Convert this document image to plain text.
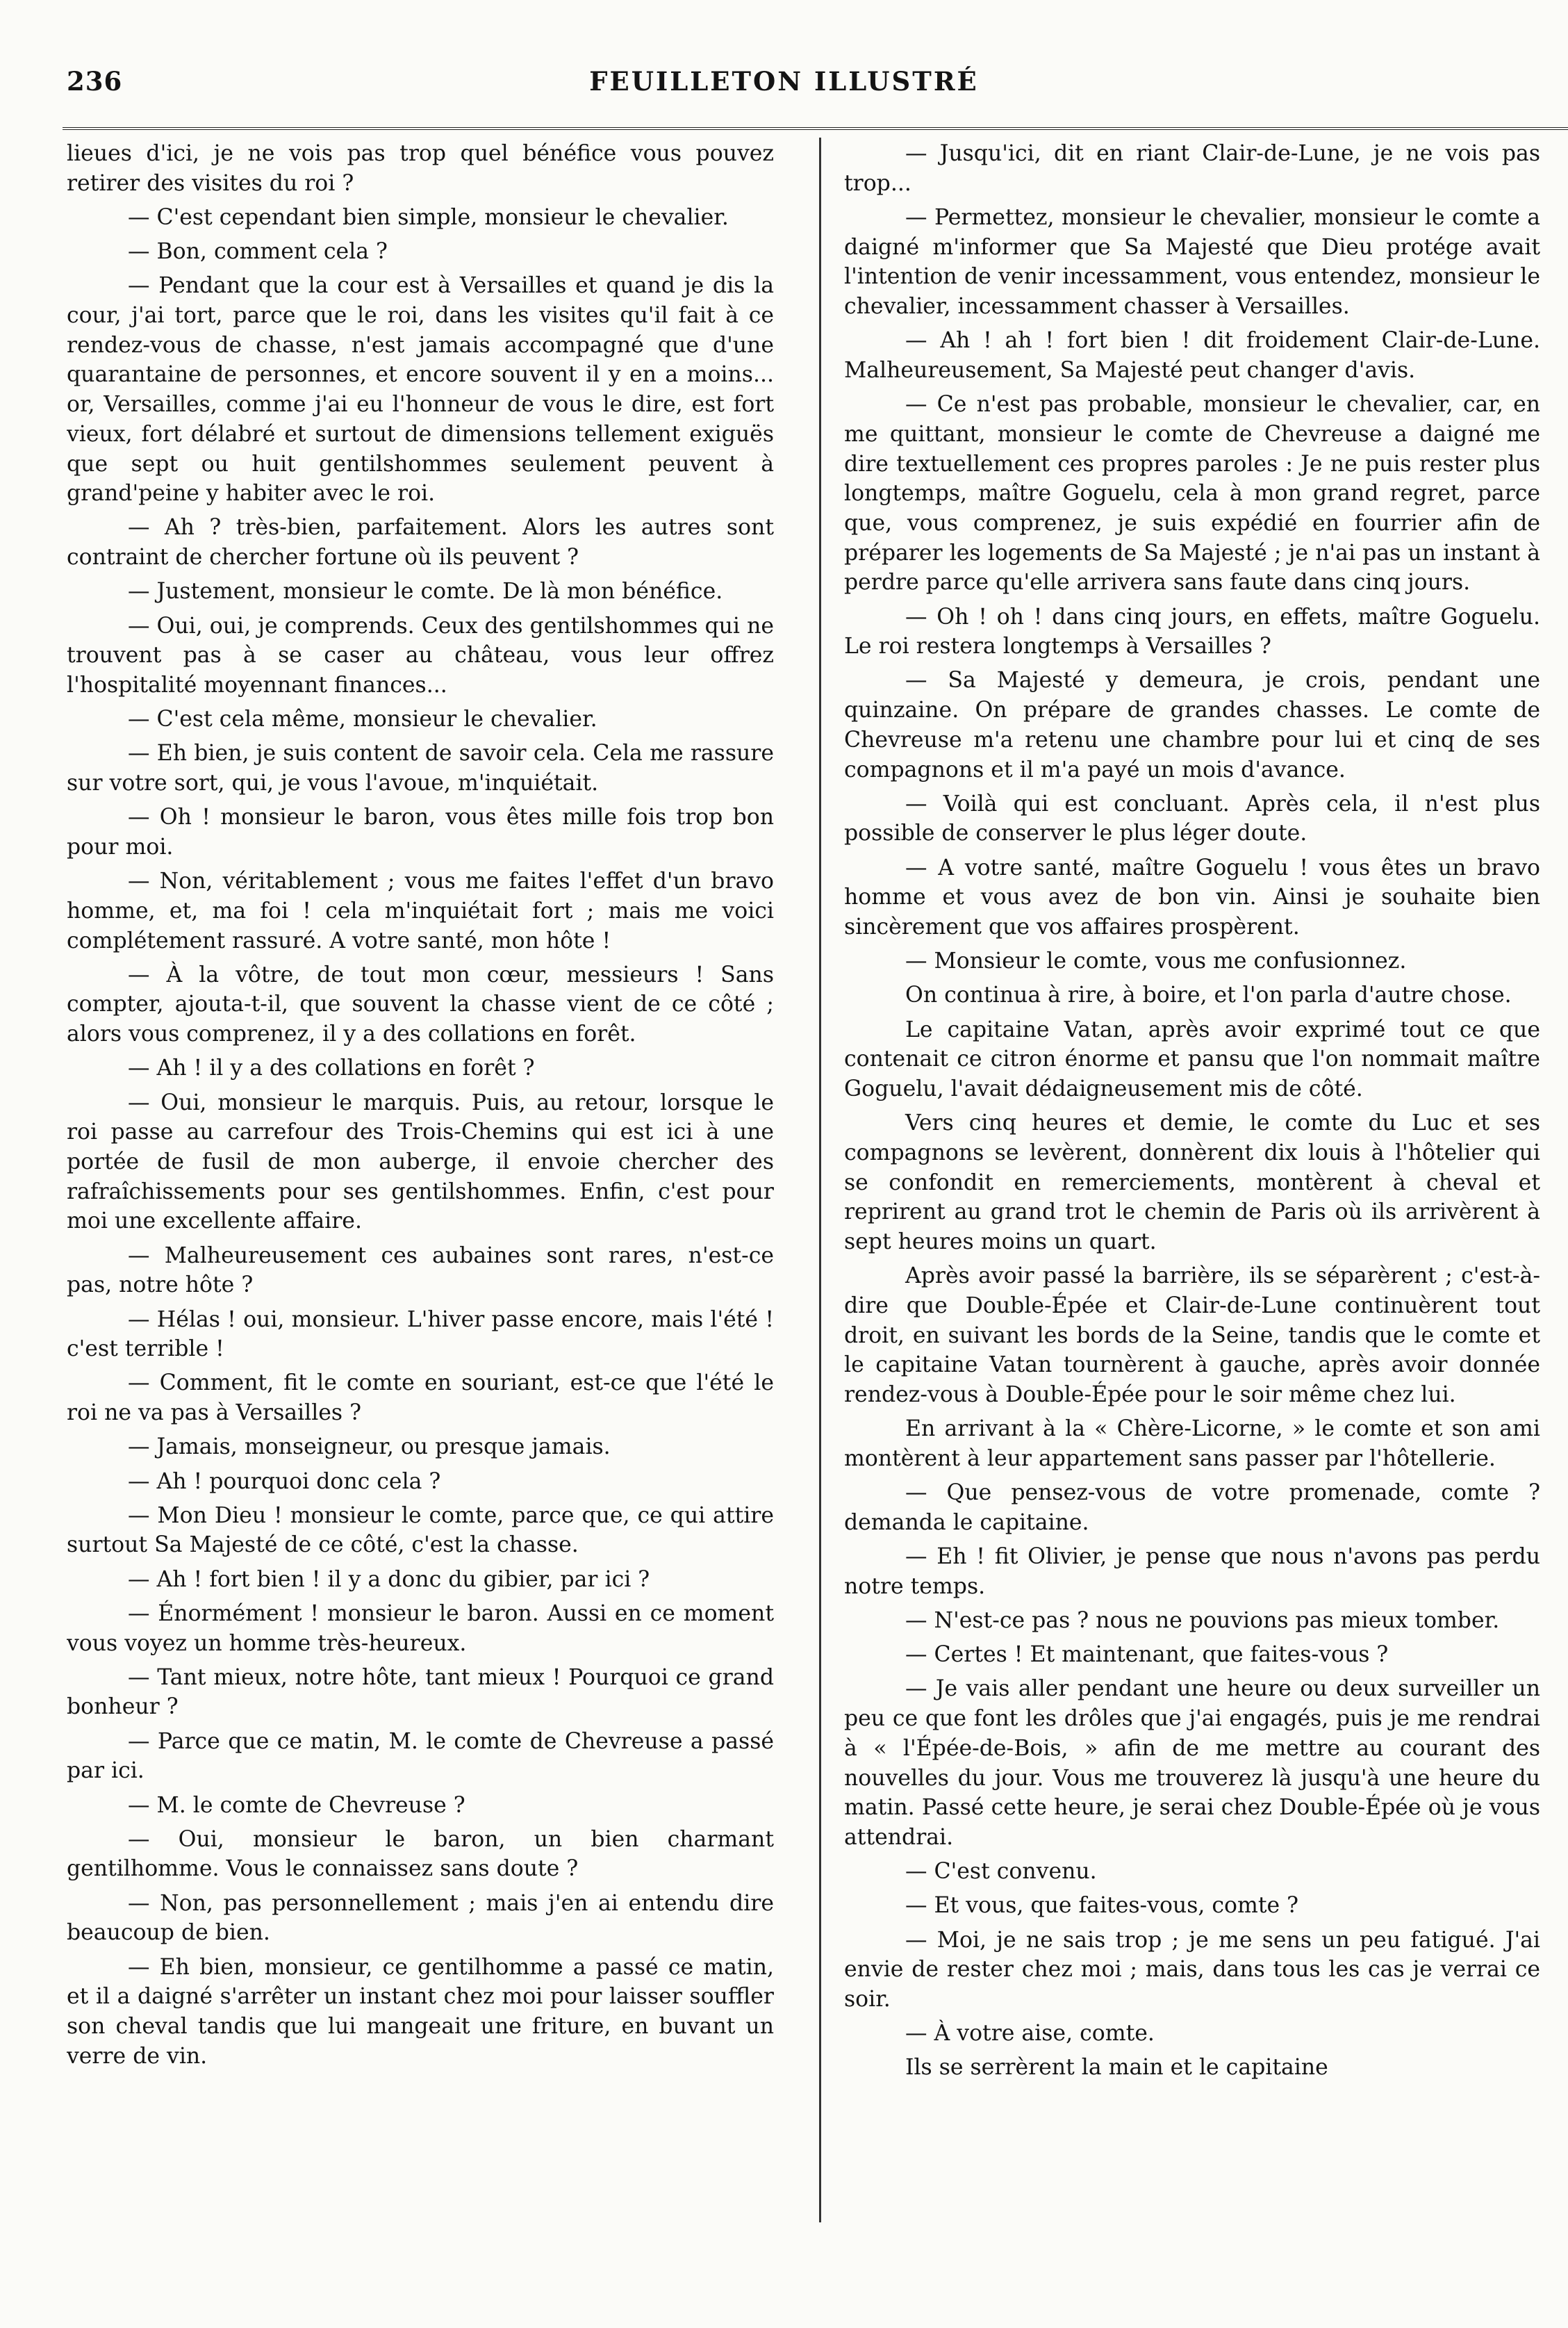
236	FEUILLETON ILLUSTRÉ

lieues d'ici, je ne vois pas trop quel bénéfice vous pouvez retirer des visites du roi ?

— C'est cependant bien simple, monsieur le chevalier.

— Bon, comment cela ?

— Pendant que la cour est à Versailles et quand je dis la cour, j'ai tort, parce que le roi, dans les visites qu'il fait à ce rendez-vous de chasse, n'est jamais accompagné que d'une quarantaine de personnes, et encore souvent il y en a moins... or, Versailles, comme j'ai eu l'honneur de vous le dire, est fort vieux, fort délabré et surtout de dimensions tellement exiguës que sept ou huit gentilshommes seulement peuvent à grand'peine y habiter avec le roi.

— Ah ? très-bien, parfaitement. Alors les autres sont contraint de chercher fortune où ils peuvent ?

— Justement, monsieur le comte. De là mon bénéfice.

— Oui, oui, je comprends. Ceux des gentilshommes qui ne trouvent pas à se caser au château, vous leur offrez l'hospitalité moyennant finances...

— C'est cela même, monsieur le chevalier.

— Eh bien, je suis content de savoir cela. Cela me rassure sur votre sort, qui, je vous l'avoue, m'inquiétait.

— Oh ! monsieur le baron, vous êtes mille fois trop bon pour moi.

— Non, véritablement ; vous me faites l'effet d'un bravo homme, et, ma foi ! cela m'inquiétait fort ; mais me voici complétement rassuré. A votre santé, mon hôte !

— À la vôtre, de tout mon cœur, messieurs ! Sans compter, ajouta-t-il, que souvent la chasse vient de ce côté ; alors vous comprenez, il y a des collations en forêt.

— Ah ! il y a des collations en forêt ?

— Oui, monsieur le marquis. Puis, au retour, lorsque le roi passe au carrefour des Trois-Chemins qui est ici à une portée de fusil de mon auberge, il envoie chercher des rafraîchissements pour ses gentilshommes. Enfin, c'est pour moi une excellente affaire.

— Malheureusement ces aubaines sont rares, n'est-ce pas, notre hôte ?

— Hélas ! oui, monsieur. L'hiver passe encore, mais l'été ! c'est terrible !

— Comment, fit le comte en souriant, est-ce que l'été le roi ne va pas à Versailles ?

— Jamais, monseigneur, ou presque jamais.

— Ah ! pourquoi donc cela ?

— Mon Dieu ! monsieur le comte, parce que, ce qui attire surtout Sa Majesté de ce côté, c'est la chasse.

— Ah ! fort bien ! il y a donc du gibier, par ici ?

— Énormément ! monsieur le baron. Aussi en ce moment vous voyez un homme très-heureux.

— Tant mieux, notre hôte, tant mieux ! Pourquoi ce grand bonheur ?

— Parce que ce matin, M. le comte de Chevreuse a passé par ici.

— M. le comte de Chevreuse ?

— Oui, monsieur le baron, un bien charmant gentilhomme. Vous le connaissez sans doute ?

— Non, pas personnellement ; mais j'en ai entendu dire beaucoup de bien.

— Eh bien, monsieur, ce gentilhomme a passé ce matin, et il a daigné s'arrêter un instant chez moi pour laisser souffler son cheval tandis que lui mangeait une friture, en buvant un verre de vin.

— Jusqu'ici, dit en riant Clair-de-Lune, je ne vois pas trop...

— Permettez, monsieur le chevalier, monsieur le comte a daigné m'informer que Sa Majesté que Dieu protége avait l'intention de venir incessamment, vous entendez, monsieur le chevalier, incessamment chasser à Versailles.

— Ah ! ah ! fort bien ! dit froidement Clair-de-Lune. Malheureusement, Sa Majesté peut changer d'avis.

— Ce n'est pas probable, monsieur le chevalier, car, en me quittant, monsieur le comte de Chevreuse a daigné me dire textuellement ces propres paroles : Je ne puis rester plus longtemps, maître Goguelu, cela à mon grand regret, parce que, vous comprenez, je suis expédié en fourrier afin de préparer les logements de Sa Majesté ; je n'ai pas un instant à perdre parce qu'elle arrivera sans faute dans cinq jours.

— Oh ! oh ! dans cinq jours, en effets, maître Goguelu. Le roi restera longtemps à Versailles ?

— Sa Majesté y demeura, je crois, pendant une quinzaine. On prépare de grandes chasses. Le comte de Chevreuse m'a retenu une chambre pour lui et cinq de ses compagnons et il m'a payé un mois d'avance.

— Voilà qui est concluant. Après cela, il n'est plus possible de conserver le plus léger doute.

— A votre santé, maître Goguelu ! vous êtes un bravo homme et vous avez de bon vin. Ainsi je souhaite bien sincèrement que vos affaires prospèrent.

— Monsieur le comte, vous me confusionnez.

On continua à rire, à boire, et l'on parla d'autre chose.

Le capitaine Vatan, après avoir exprimé tout ce que contenait ce citron énorme et pansu que l'on nommait maître Goguelu, l'avait dédaigneusement mis de côté.

Vers cinq heures et demie, le comte du Luc et ses compagnons se levèrent, donnèrent dix louis à l'hôtelier qui se confondit en remerciements, montèrent à cheval et reprirent au grand trot le chemin de Paris où ils arrivèrent à sept heures moins un quart.

Après avoir passé la barrière, ils se séparèrent ; c'est-à-dire que Double-Épée et Clair-de-Lune continuèrent tout droit, en suivant les bords de la Seine, tandis que le comte et le capitaine Vatan tournèrent à gauche, après avoir donnée rendez-vous à Double-Épée pour le soir même chez lui.

En arrivant à la « Chère-Licorne, » le comte et son ami montèrent à leur appartement sans passer par l'hôtellerie.

— Que pensez-vous de votre promenade, comte ? demanda le capitaine.

— Eh ! fit Olivier, je pense que nous n'avons pas perdu notre temps.

— N'est-ce pas ? nous ne pouvions pas mieux tomber.

— Certes ! Et maintenant, que faites-vous ?

— Je vais aller pendant une heure ou deux surveiller un peu ce que font les drôles que j'ai engagés, puis je me rendrai à « l'Épée-de-Bois, » afin de me mettre au courant des nouvelles du jour. Vous me trouverez là jusqu'à une heure du matin. Passé cette heure, je serai chez Double-Épée où je vous attendrai.

— C'est convenu.

— Et vous, que faites-vous, comte ?

— Moi, je ne sais trop ; je me sens un peu fatigué. J'ai envie de rester chez moi ; mais, dans tous les cas je verrai ce soir.

— À votre aise, comte.

Ils se serrèrent la main et le capitaine
